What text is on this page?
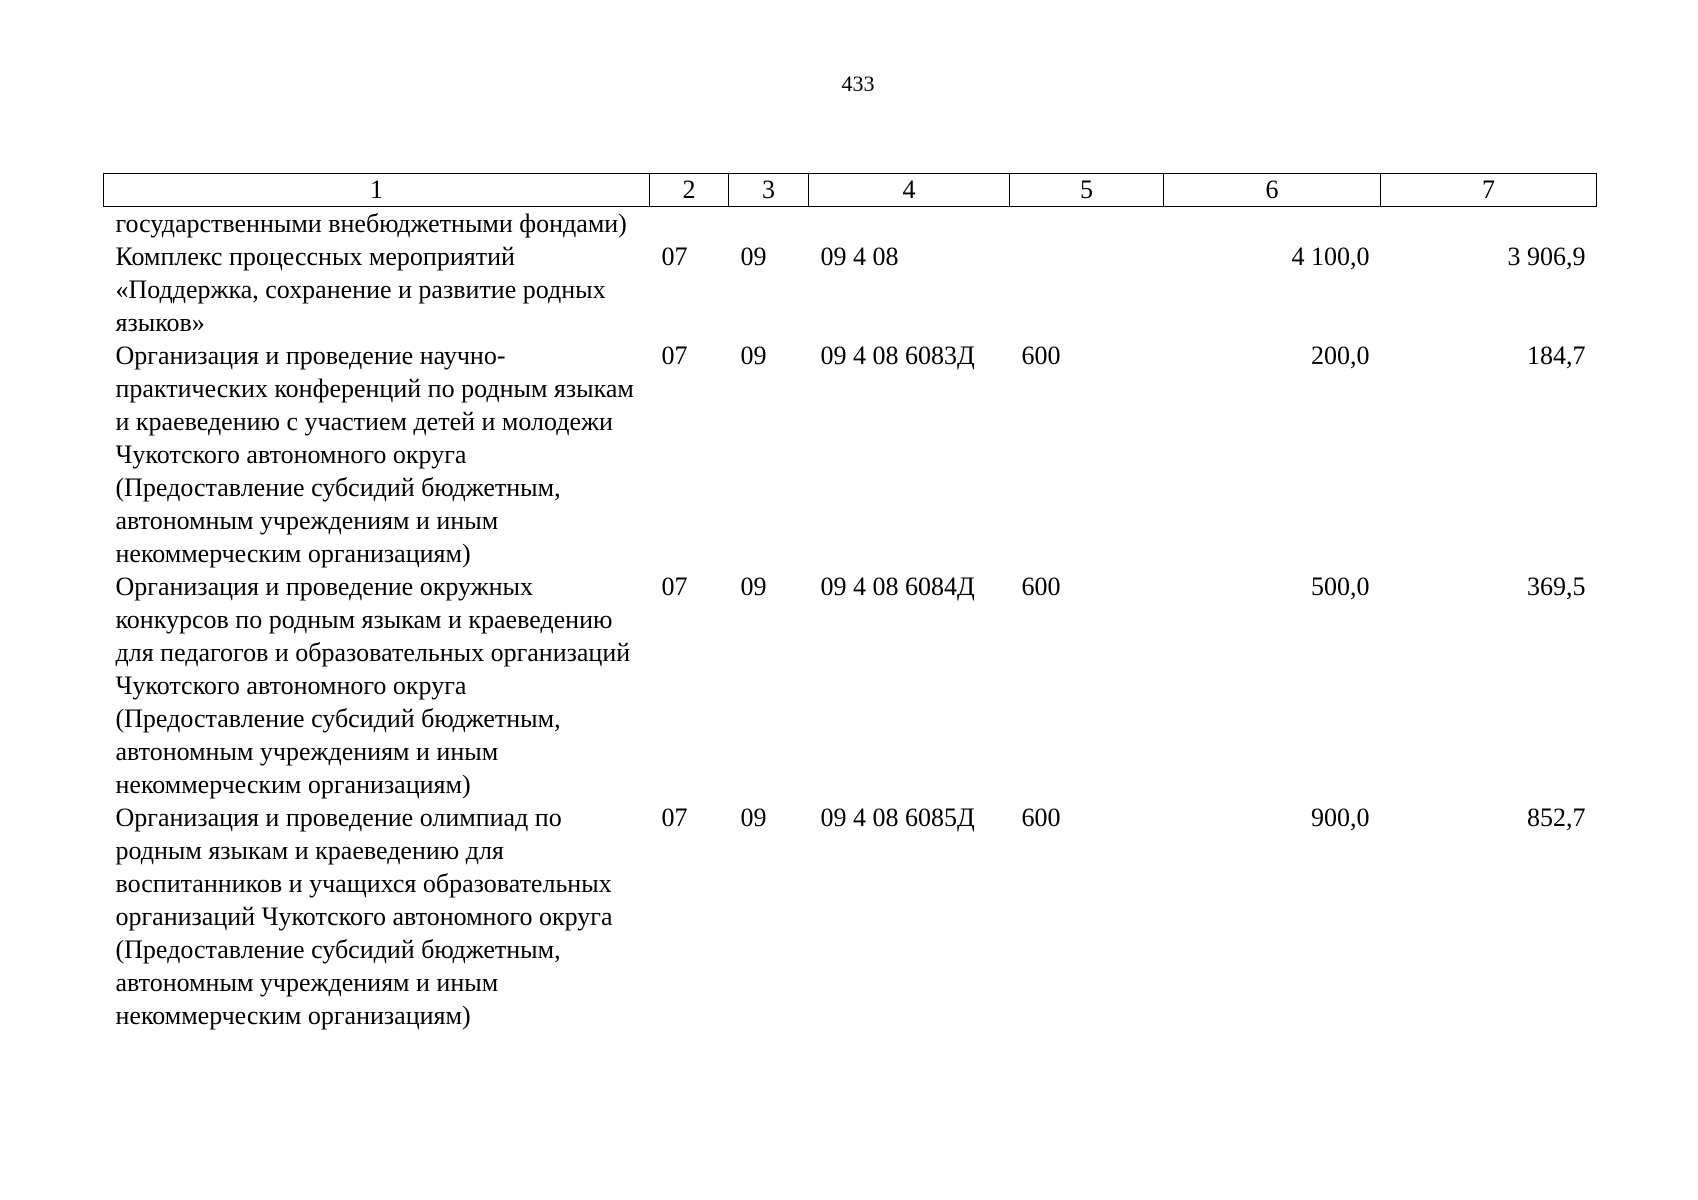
433
1	2	3	4	5	6	7
государственными внебюджетными фондами)						
Комплекс процессных мероприятий «Поддержка, сохранение и развитие родных языков»	07	09	09 4 08		4 100,0	3 906,9
Организация и проведение научно-практических конференций по родным языкам и краеведению с участием детей и молодежи Чукотского автономного округа (Предоставление субсидий бюджетным, автономным учреждениям и иным некоммерческим организациям)	07	09	09 4 08 6083Д	600	200,0	184,7
Организация и проведение окружных конкурсов по родным языкам и краеведению для педагогов и образовательных организаций Чукотского автономного округа (Предоставление субсидий бюджетным, автономным учреждениям и иным некоммерческим организациям)	07	09	09 4 08 6084Д	600	500,0	369,5
Организация и проведение олимпиад по родным языкам и краеведению для воспитанников и учащихся образовательных организаций Чукотского автономного округа (Предоставление субсидий бюджетным, автономным учреждениям и иным некоммерческим организациям)	07	09	09 4 08 6085Д	600	900,0	852,7
